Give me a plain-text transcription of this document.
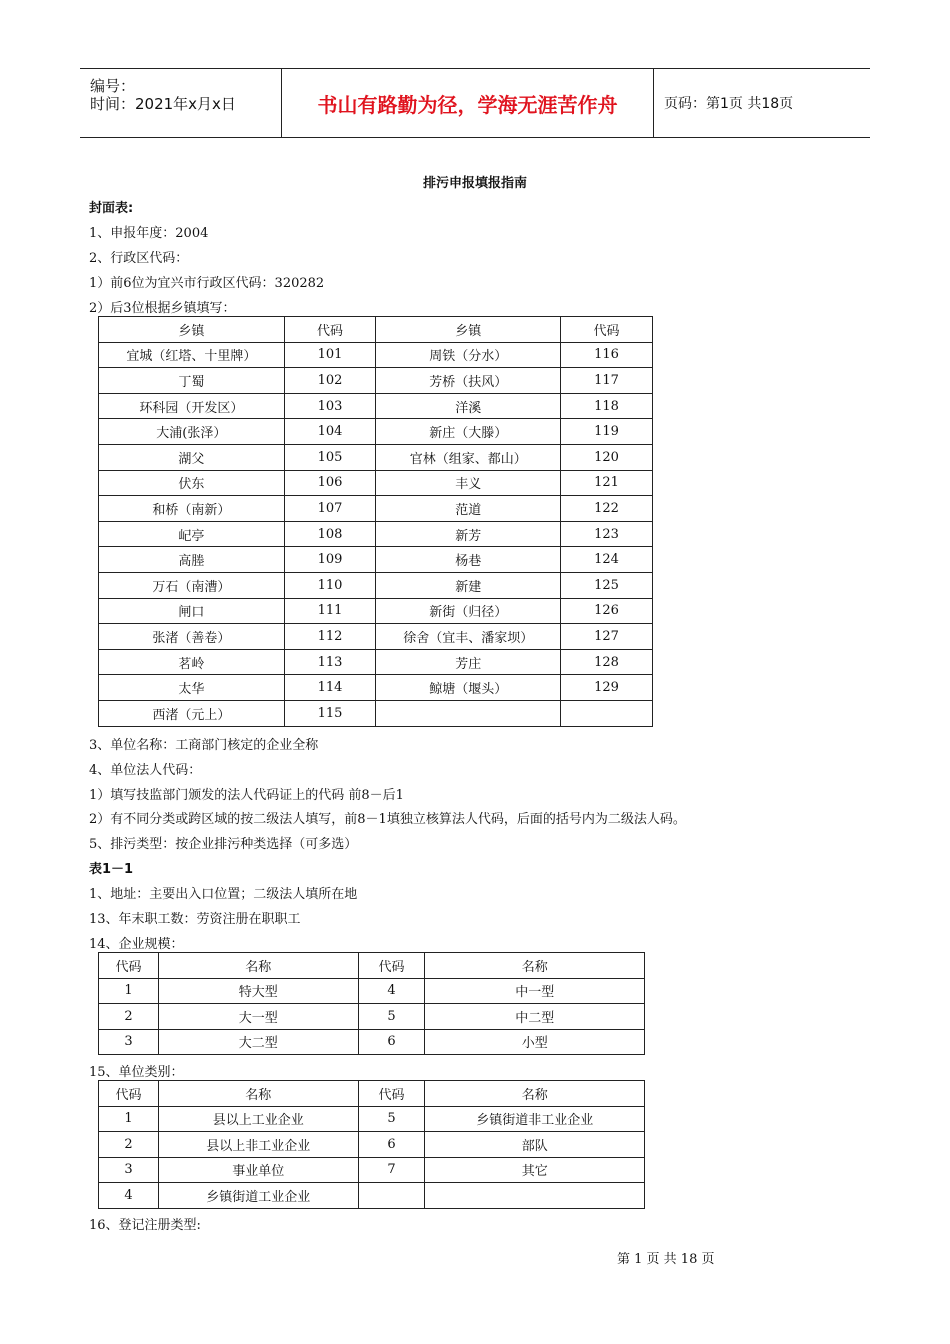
编号：
时间：2021年x月x日	书山有路勤为径，学海无涯苦作舟	页码：第1页 共18页
排污申报填报指南
封面表:
1、申报年度：2004
2、行政区代码：
1）前6位为宜兴市行政区代码：320282
2）后3位根据乡镇填写：
乡镇	代码	乡镇	代码
宜城（红塔、十里牌）	101	周铁（分水）	116
丁蜀	102	芳桥（扶风）	117
环科园（开发区）	103	洋溪	118
大浦(张泽）	104	新庄（大滕）	119
湖父	105	官林（组家、都山）	120
伏东	106	丰义	121
和桥（南新）	107	范道	122
屺亭	108	新芳	123
高塍	109	杨巷	124
万石（南漕）	110	新建	125
闸口	111	新街（归径）	126
张渚（善卷）	112	徐舍（宜丰、潘家坝）	127
茗岭	113	芳庄	128
太华	114	鲸塘（堰头）	129
西渚（元上）	115		
3、单位名称：工商部门核定的企业全称
4、单位法人代码：
1）填写技监部门颁发的法人代码证上的代码 前8－后1
2）有不同分类或跨区域的按二级法人填写，前8－1填独立核算法人代码，后面的括号内为二级法人码。
5、排污类型：按企业排污种类选择（可多选）
表1－1
1、地址：主要出入口位置；二级法人填所在地
13、年末职工数：劳资注册在职职工
14、企业规模：
代码	名称	代码	名称
1	特大型	4	中一型
2	大一型	5	中二型
3	大二型	6	小型
15、单位类别：
代码	名称	代码	名称
1	县以上工业企业	5	乡镇街道非工业企业
2	县以上非工业企业	6	部队
3	事业单位	7	其它
4	乡镇街道工业企业		
16、登记注册类型:
第 1 页 共 18 页
